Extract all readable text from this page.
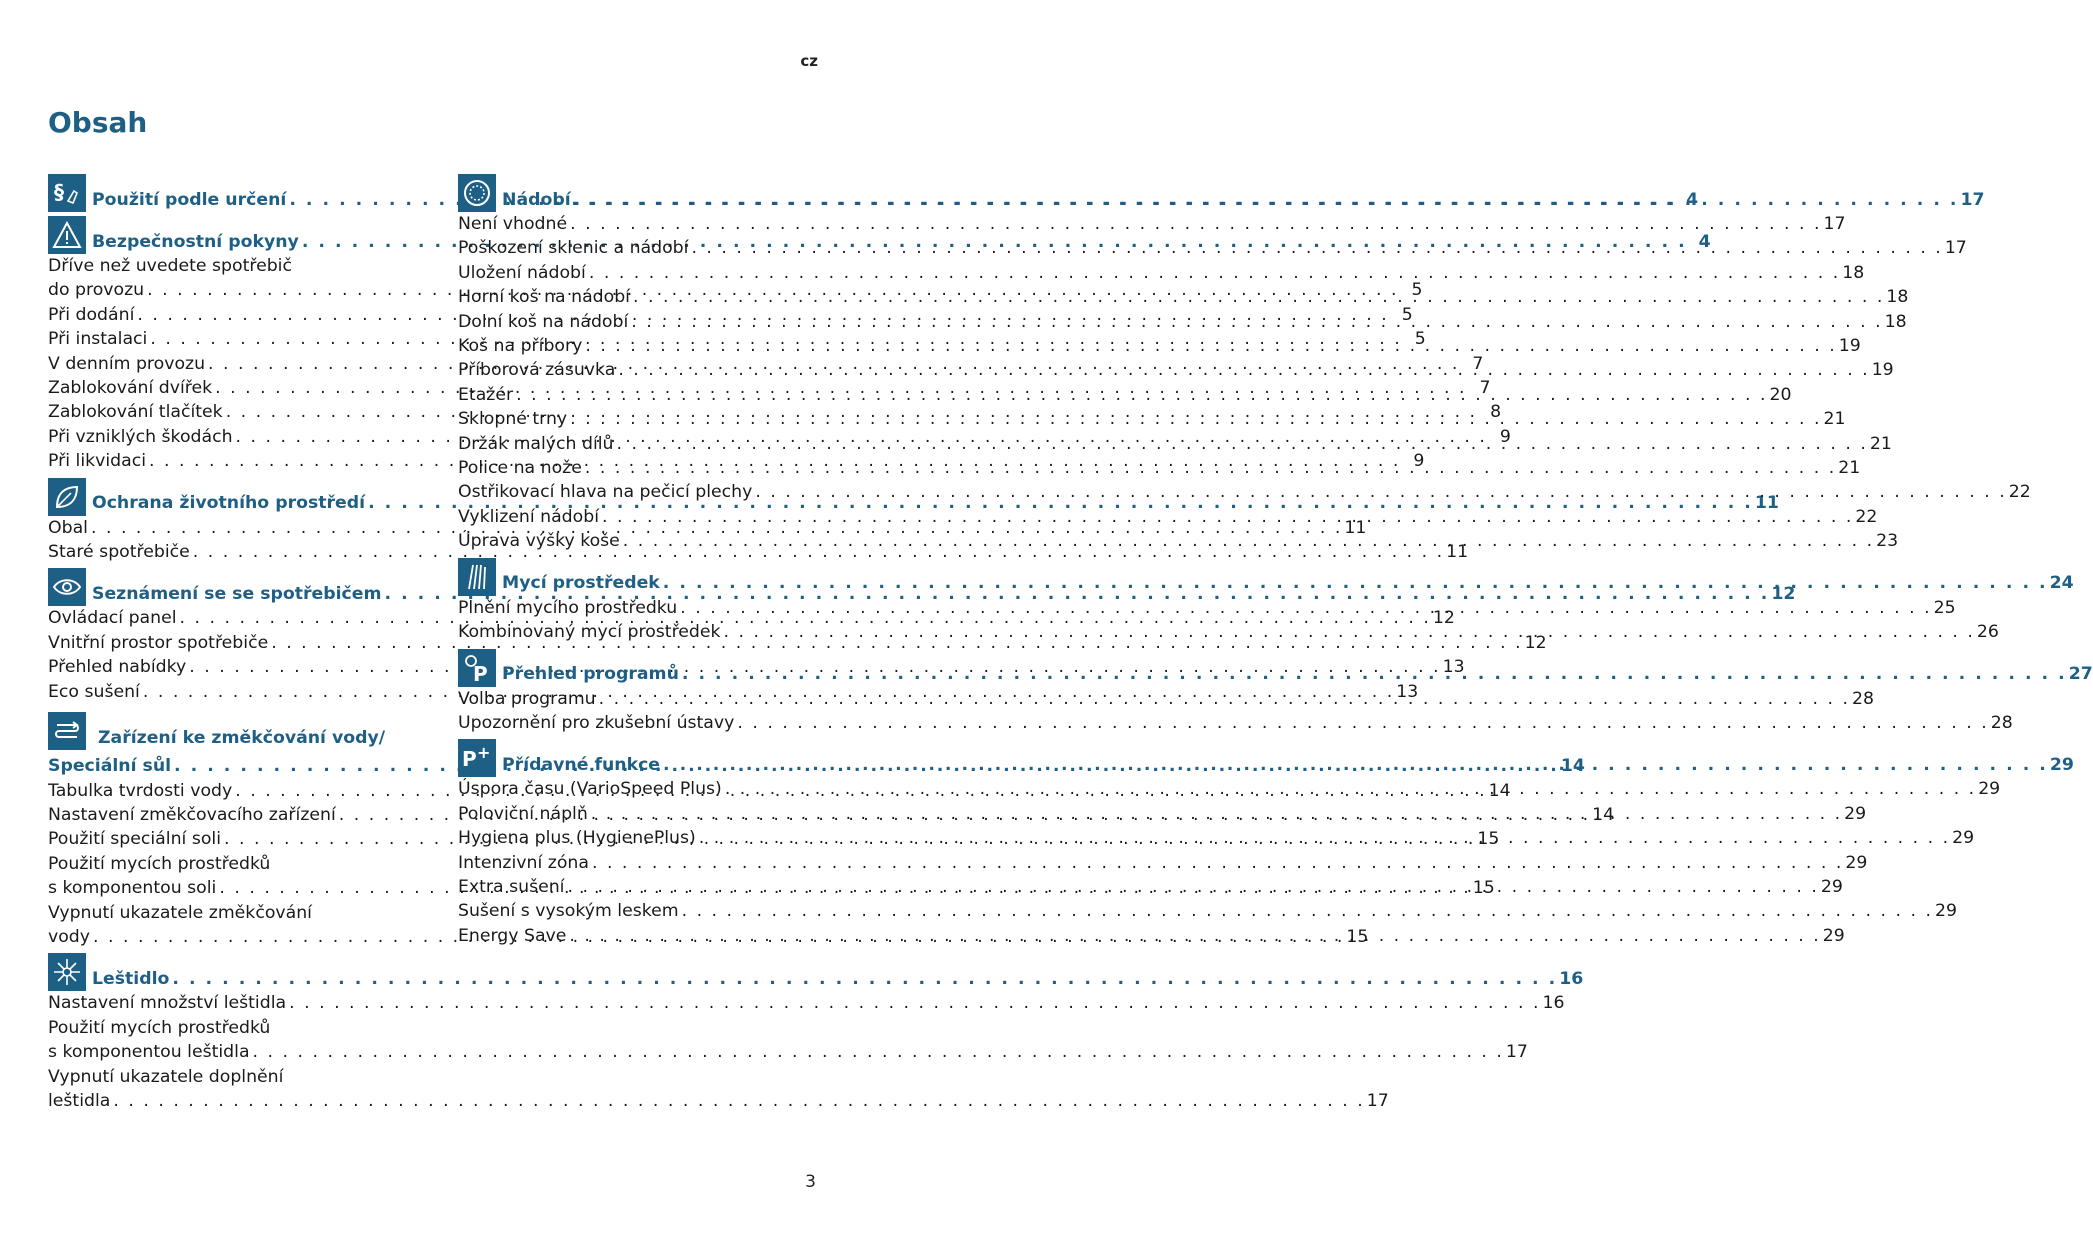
cz
Obsah
§ Použití podle určení . . .	4
Bezpečnostní pokyny . . .	4
Dříve než uvedete spotřebič
do provozu . . .	5
Při dodání . . .	5
Při instalaci . . .	5
V denním provozu . . .	7
Zablokování dvířek . . .	7
Zablokování tlačítek . . .	8
Při vzniklých škodách . . .	9
Při likvidaci . . .	9
Ochrana životního prostředí . . .	11
Obal . . .	11
Staré spotřebiče . . .	11
Seznámení se se spotřebičem . . .	12
Ovládací panel . . .	12
Vnitřní prostor spotřebiče . . .	12
Přehled nabídky . . .	13
Eco sušení . . .	13
Zařízení ke změkčování vody/
Speciální sůl . . .	14
Tabulka tvrdosti vody . . .	14
Nastavení změkčovacího zařízení . . .	14
Použití speciální soli . . .	15
Použití mycích prostředků
s komponentou soli . . .	15
Vypnutí ukazatele změkčování
vody . . .	15
Leštidlo . . .	16
Nastavení množství leštidla . . .	16
Použití mycích prostředků
s komponentou leštidla . . .	17
Vypnutí ukazatele doplnění
leštidla . . .	17
Nádobí . . .	17
Není vhodné . . .	17
Poškození sklenic a nádobí . . .	17
Uložení nádobí . . .	18
Horní koš na nádobí . . .	18
Dolní koš na nádobí . . .	18
Koš na příbory . . .	19
Příborová zásuvka . . .	19
Etažér . . .	20
Sklopné trny . . .	21
Držák malých dílů . . .	21
Police na nože . . .	21
Ostřikovací hlava na pečicí plechy . . .	22
Vyklizení nádobí . . .	22
Úprava výšky koše . . .	23
Mycí prostředek . . .	24
Plnění mycího prostředku . . .	25
Kombinovaný mycí prostředek . . .	26
P Přehled programů . . .	27
Volba programu . . .	28
Upozornění pro zkušební ústavy . . .	28
P +
Přídavné funkce . . .	29
Úspora času (VarioSpeed Plus) . . .	29
Poloviční náplň . . .	29
Hygiena plus (HygienePlus) . . .	29
Intenzivní zóna . . .	29
Extra sušení . . .	29
Sušení s vysokým leskem . . .	29
Energy Save . . .	29
3
